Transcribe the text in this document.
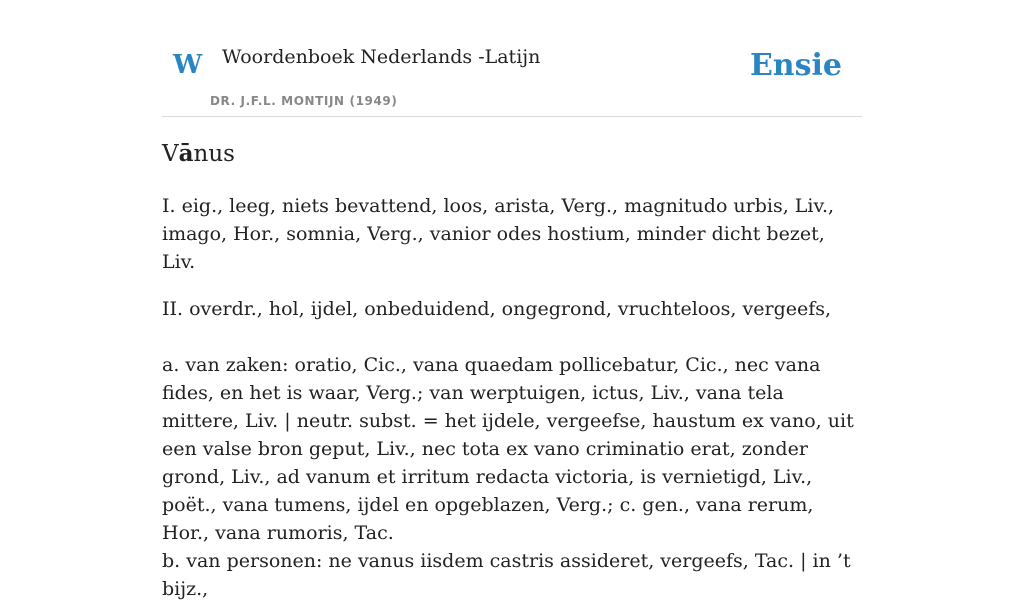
W Woordenboek Nederlands -Latijn
DR. J.F.L. MONTIJN (1949)
Ensie
Vānus

I. eig., leeg, niets bevattend, loos, arista, Verg., magnitudo urbis, Liv., imago, Hor., somnia, Verg., vanior odes hostium, minder dicht bezet, Liv.

II. overdr., hol, ijdel, onbeduidend, ongegrond, vruchteloos, vergeefs,

a. van zaken: oratio, Cic., vana quaedam pollicebatur, Cic., nec vana fides, en het is waar, Verg.; van werptuigen, ictus, Liv., vana tela mittere, Liv. | neutr. subst. = het ijdele, vergeefse, haustum ex vano, uit een valse bron geput, Liv., nec tota ex vano criminatio erat, zonder grond, Liv., ad vanum et irritum redacta victoria, is vernietigd, Liv., poët., vana tumens, ijdel en opgeblazen, Verg.; c. gen., vana rerum, Hor., vana rumoris, Tac.

b. van personen: ne vanus iisdem castris assideret, vergeefs, Tac. | in ’t bijz.,
